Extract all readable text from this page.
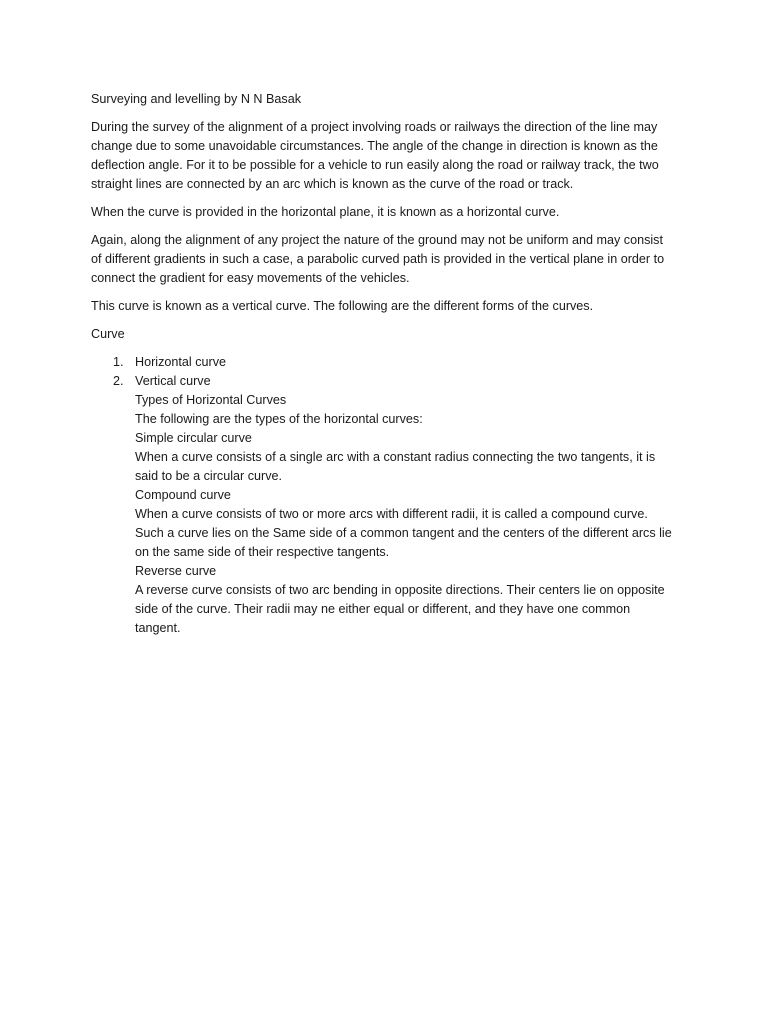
Surveying and levelling by N N Basak
During the survey of the alignment of a project involving roads or railways the direction of the line may
change due to some unavoidable circumstances. The angle of the change in direction is known as the
deflection angle. For it to be possible for a vehicle to run easily along the road or railway track, the two
straight lines are connected by an arc which is known as the curve of the road or track.
When the curve is provided in the horizontal plane, it is known as a horizontal curve.
Again, along the alignment of any project the nature of the ground may not be uniform and may consist
of different gradients in such a case, a parabolic curved path is provided in the vertical plane in order to
connect the gradient for easy movements of the vehicles.
This curve is known as a vertical curve. The following are the different forms of the curves.
Curve
1. Horizontal curve
2. Vertical curve
Types of Horizontal Curves
The following are the types of the horizontal curves:
Simple circular curve
When a curve consists of a single arc with a constant radius connecting the two tangents, it is
said to be a circular curve.
Compound curve
When a curve consists of two or more arcs with different radii, it is called a compound curve.
Such a curve lies on the Same side of a common tangent and the centers of the different arcs lie
on the same side of their respective tangents.
Reverse curve
A reverse curve consists of two arc bending in opposite directions. Their centers lie on opposite
side of the curve. Their radii may ne either equal or different, and they have one common
tangent.
